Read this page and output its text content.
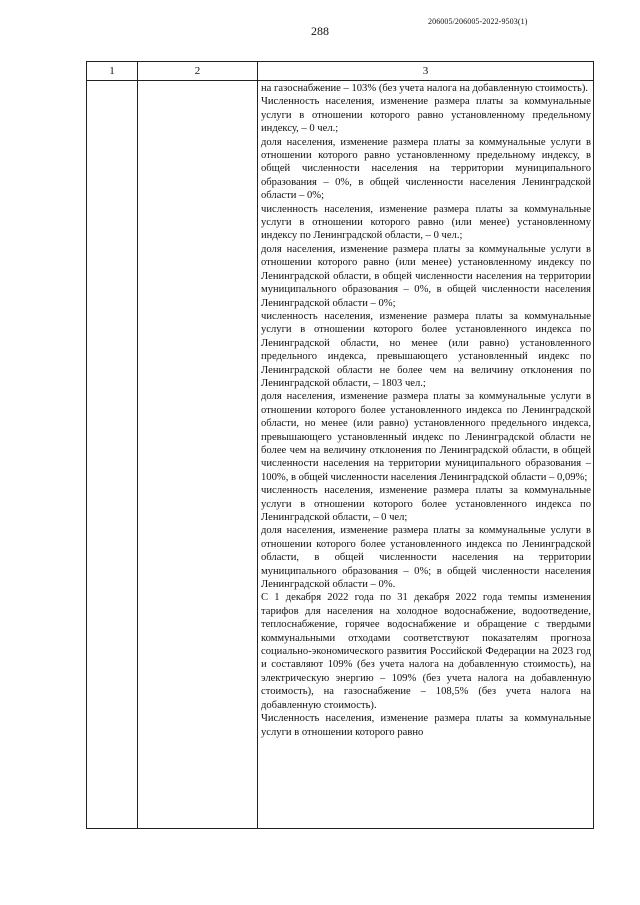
288
206005/206005-2022-9503(1)
1	2	3

на газоснабжение – 103% (без учета налога на добавленную стоимость).

Численность населения, изменение размера платы за коммунальные услуги в отношении которого равно установленному предельному индексу, – 0 чел.;

доля населения, изменение размера платы за коммунальные услуги в отношении которого равно установленному предельному индексу, в общей численности населения на территории муниципального образования – 0%, в общей численности населения Ленинградской области – 0%;

численность населения, изменение размера платы за коммунальные услуги в отношении которого равно (или менее) установленному индексу по Ленинградской области, – 0 чел.;

доля населения, изменение размера платы за коммунальные услуги в отношении которого равно (или менее) установленному индексу по Ленинградской области, в общей численности населения на территории муниципального образования – 0%, в общей численности населения Ленинградской области – 0%;

численность населения, изменение размера платы за коммунальные услуги в отношении которого более установленного индекса по Ленинградской области, но менее (или равно) установленного предельного индекса, превышающего установленный индекс по Ленинградской области не более чем на величину отклонения по Ленинградской области, – 1803 чел.;

доля населения, изменение размера платы за коммунальные услуги в отношении которого более установленного индекса по Ленинградской области, но менее (или равно) установленного предельного индекса, превышающего установленный индекс по Ленинградской области не более чем на величину отклонения по Ленинградской области, в общей численности населения на территории муниципального образования – 100%, в общей численности населения Ленинградской области – 0,09%;

численность населения, изменение размера платы за коммунальные услуги в отношении которого более установленного индекса по Ленинградской области, – 0 чел;

доля населения, изменение размера платы за коммунальные услуги в отношении которого более установленного индекса по Ленинградской области, в общей численности населения на территории муниципального образования – 0%; в общей численности населения Ленинградской области – 0%.

С 1 декабря 2022 года по 31 декабря 2022 года темпы изменения тарифов для населения на холодное водоснабжение, водоотведение, теплоснабжение, горячее водоснабжение и обращение с твердыми коммунальными отходами соответствуют показателям прогноза социально-экономического развития Российской Федерации на 2023 год и составляют 109% (без учета налога на добавленную стоимость), на электрическую энергию – 109% (без учета налога на добавленную стоимость), на газоснабжение – 108,5% (без учета налога на добавленную стоимость).

Численность населения, изменение размера платы за коммунальные услуги в отношении которого равно
